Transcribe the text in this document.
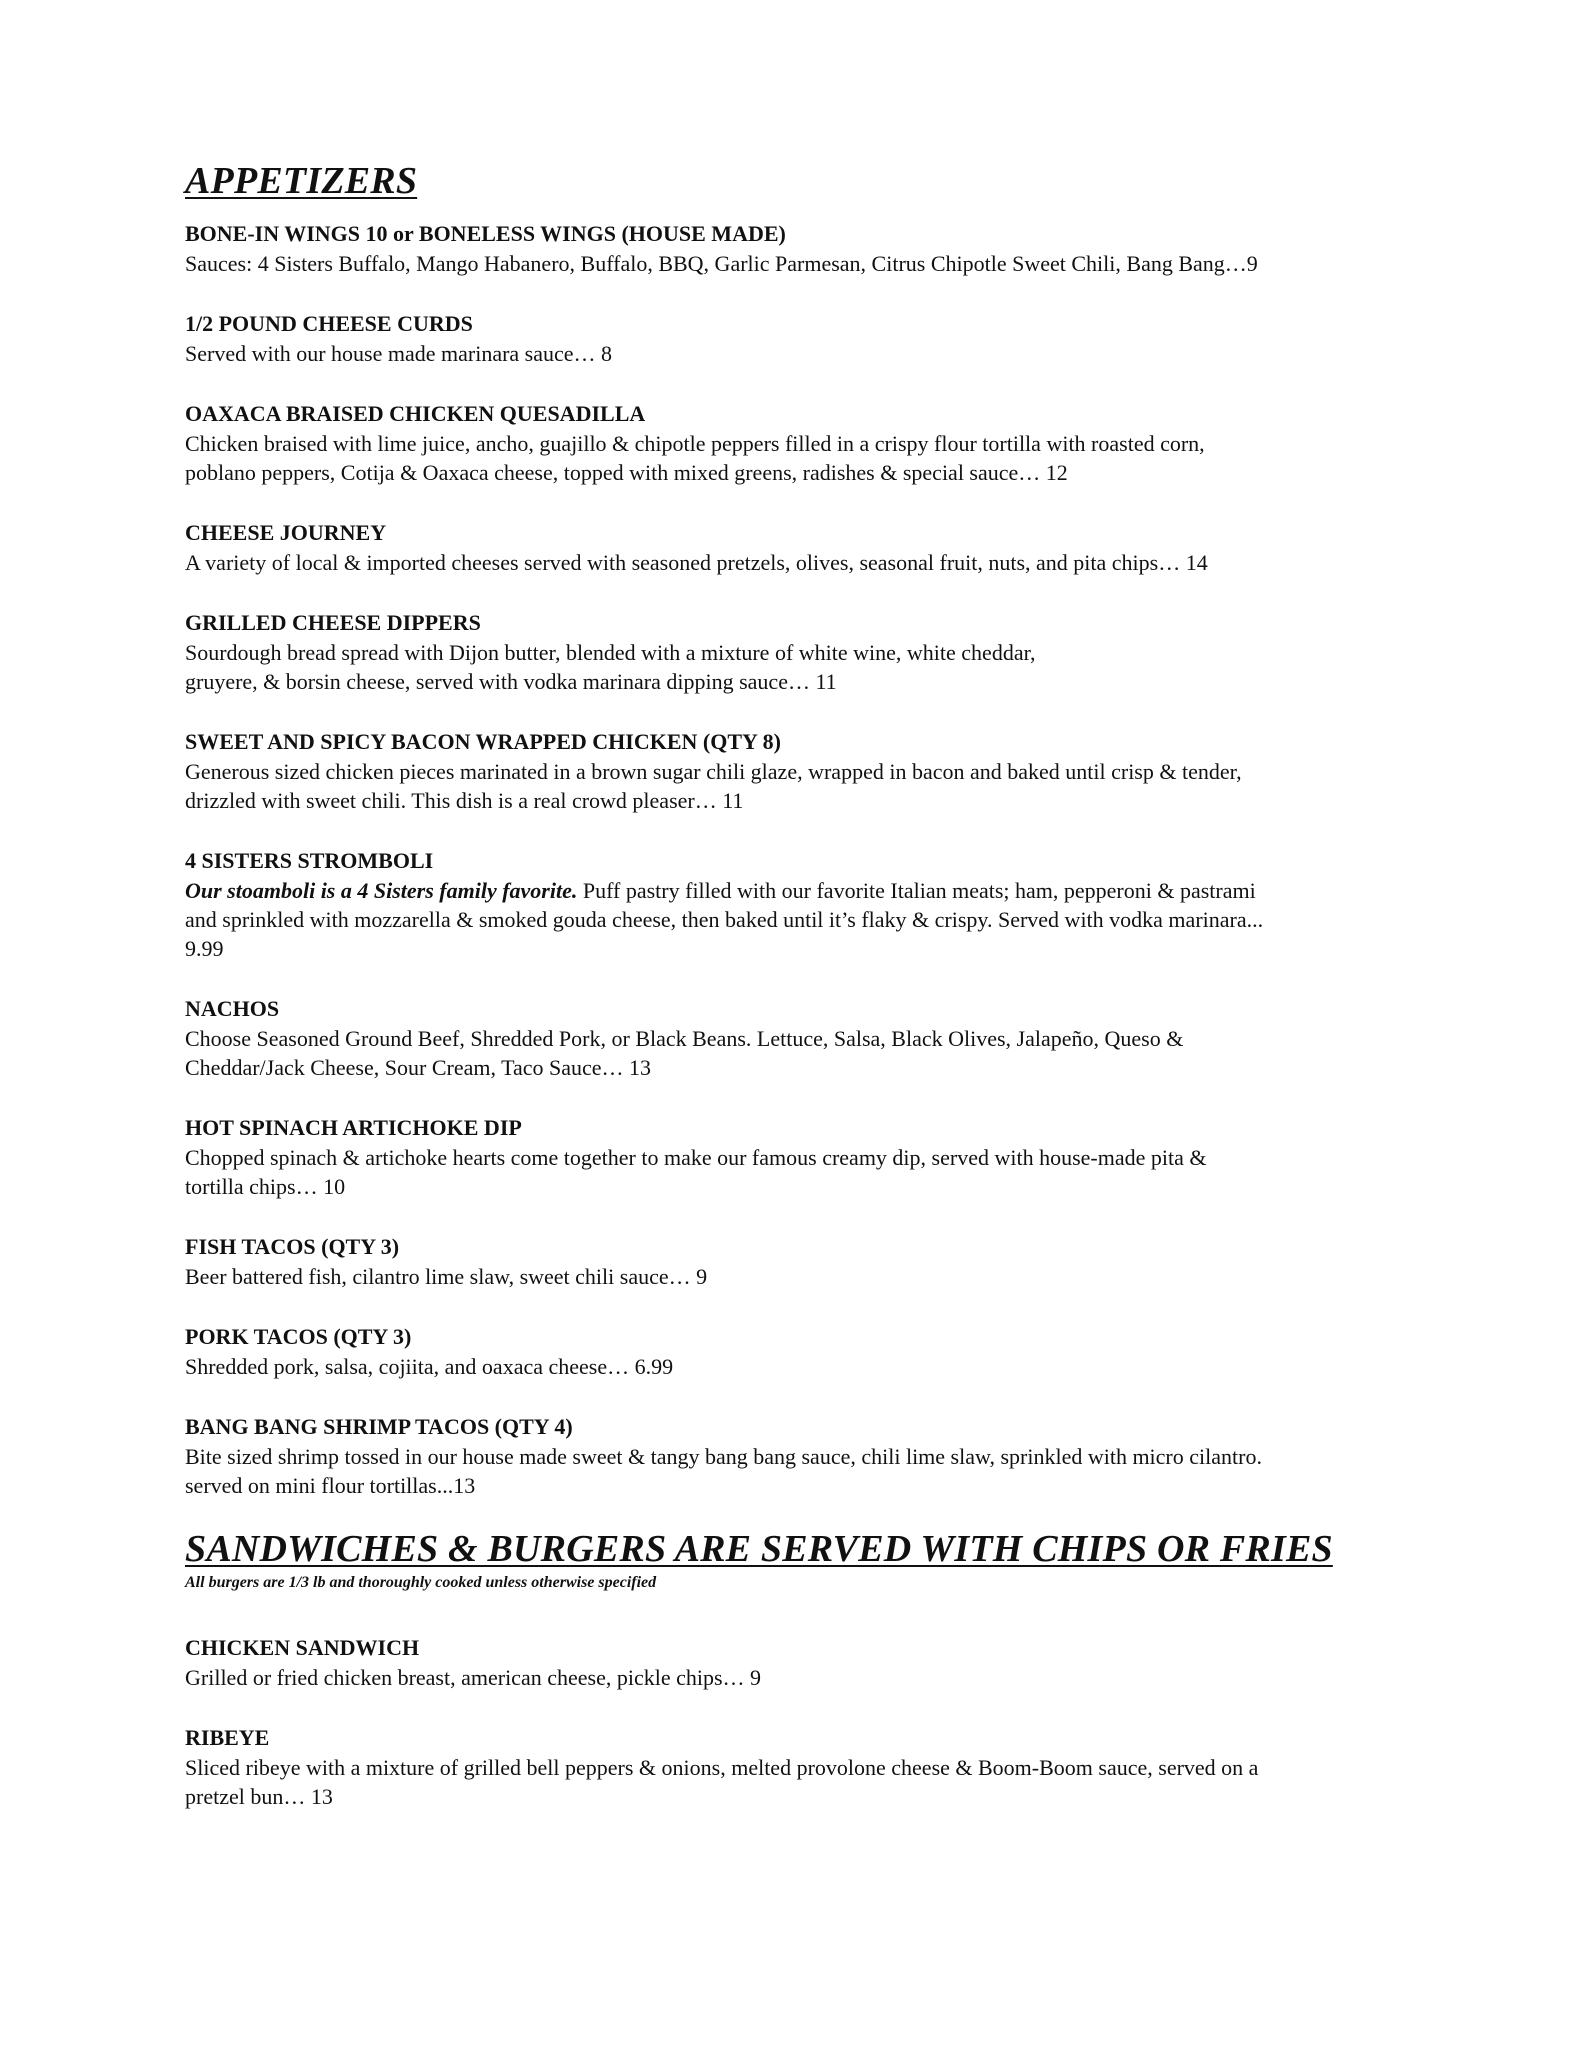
APPETIZERS

BONE-IN WINGS 10 or BONELESS WINGS (HOUSE MADE)

Sauces: 4 Sisters Buffalo, Mango Habanero, Buffalo, BBQ, Garlic Parmesan, Citrus Chipotle Sweet Chili, Bang Bang…9

1/2 POUND CHEESE CURDS

Served with our house made marinara sauce… 8

OAXACA BRAISED CHICKEN QUESADILLA

Chicken braised with lime juice, ancho, guajillo & chipotle peppers filled in a crispy flour tortilla with roasted corn,
poblano peppers, Cotija & Oaxaca cheese, topped with mixed greens, radishes & special sauce… 12

CHEESE JOURNEY

A variety of local & imported cheeses served with seasoned pretzels, olives, seasonal fruit, nuts, and pita chips… 14

GRILLED CHEESE DIPPERS

Sourdough bread spread with Dijon butter, blended with a mixture of white wine, white cheddar,
gruyere, & borsin cheese, served with vodka marinara dipping sauce… 11

SWEET AND SPICY BACON WRAPPED CHICKEN (QTY 8)

Generous sized chicken pieces marinated in a brown sugar chili glaze, wrapped in bacon and baked until crisp & tender,
drizzled with sweet chili. This dish is a real crowd pleaser… 11

4 SISTERS STROMBOLI

Our stoamboli is a 4 Sisters family favorite. Puff pastry filled with our favorite Italian meats; ham, pepperoni & pastrami
and sprinkled with mozzarella & smoked gouda cheese, then baked until it’s flaky & crispy. Served with vodka marinara...
9.99

NACHOS

Choose Seasoned Ground Beef, Shredded Pork, or Black Beans. Lettuce, Salsa, Black Olives, Jalapeño, Queso &
Cheddar/Jack Cheese, Sour Cream, Taco Sauce… 13

HOT SPINACH ARTICHOKE DIP

Chopped spinach & artichoke hearts come together to make our famous creamy dip, served with house-made pita &
tortilla chips… 10

FISH TACOS (QTY 3)

Beer battered fish, cilantro lime slaw, sweet chili sauce… 9

PORK TACOS (QTY 3)

Shredded pork, salsa, cojiita, and oaxaca cheese… 6.99

BANG BANG SHRIMP TACOS (QTY 4)

Bite sized shrimp tossed in our house made sweet & tangy bang bang sauce, chili lime slaw, sprinkled with micro cilantro.
served on mini flour tortillas...13

SANDWICHES & BURGERS ARE SERVED WITH CHIPS OR FRIES

All burgers are 1/3 lb and thoroughly cooked unless otherwise specified

CHICKEN SANDWICH

Grilled or fried chicken breast, american cheese, pickle chips… 9

RIBEYE

Sliced ribeye with a mixture of grilled bell peppers & onions, melted provolone cheese & Boom-Boom sauce, served on a
pretzel bun… 13
